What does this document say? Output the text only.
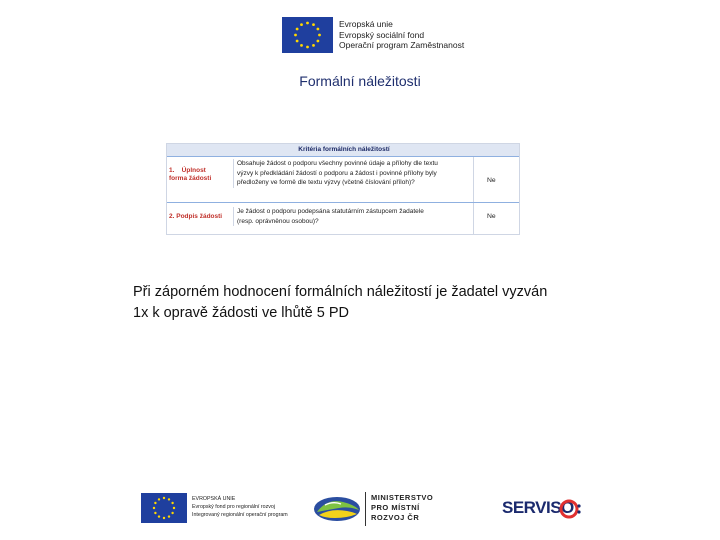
Evropská unie
Evropský sociální fond
Operační program Zaměstnanost
Formální náležitosti
Kritéria formálních náležitostí
1. Úplnost
forma žádosti
Obsahuje žádost o podporu všechny povinné údaje a přílohy dle textu
výzvy k předkládání žádostí o podporu a žádost i povinné přílohy byly
předloženy ve formě dle textu výzvy (včetně číslování příloh)?	Ne
2. Podpis žádosti
Je žádost o podporu podepsána statutárním zástupcem žadatele
(resp. oprávněnou osobou)?
Ne
Při záporném hodnocení formálních náležitostí je žadatel vyzván
1x k opravě žádosti ve lhůtě 5 PD
EVROPSKÁ UNIE
Evropský fond pro regionální rozvoj
Integrovaný regionální operační program
MINISTERSTVO
PRO MÍSTNÍ
ROZVOJ ČR
SERVISO
